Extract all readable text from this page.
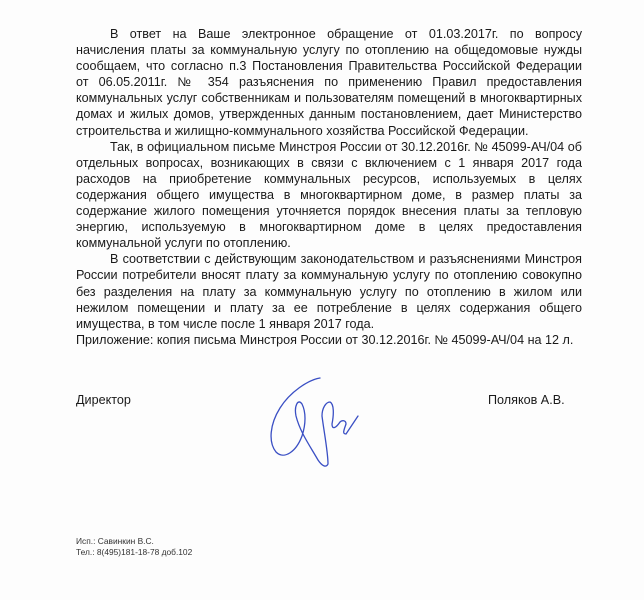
В ответ на Ваше электронное обращение от 01.03.2017г. по вопросу начисления платы за коммунальную услугу по отоплению на общедомовые нужды сообщаем, что согласно п.3 Постановления Правительства Российской Федерации от 06.05.2011г. № 354 разъяснения по применению Правил предоставления коммунальных услуг собственникам и пользователям помещений в многоквартирных домах и жилых домов, утвержденных данным постановлением, дает Министерство строительства и жилищно-коммунального хозяйства Российской Федерации.

Так, в официальном письме Минстроя России от 30.12.2016г. № 45099-АЧ/04 об отдельных вопросах, возникающих в связи с включением с 1 января 2017 года расходов на приобретение коммунальных ресурсов, используемых в целях содержания общего имущества в многоквартирном доме, в размер платы за содержание жилого помещения уточняется порядок внесения платы за тепловую энергию, используемую в многоквартирном доме в целях предоставления коммунальной услуги по отоплению.

В соответствии с действующим законодательством и разъяснениями Минстроя России потребители вносят плату за коммунальную услугу по отоплению совокупно без разделения на плату за коммунальную услугу по отоплению в жилом или нежилом помещении и плату за ее потребление в целях содержания общего имущества, в том числе после 1 января 2017 года.

Приложение: копия письма Минстроя России от 30.12.2016г. № 45099-АЧ/04 на 12 л.
Директор	Поляков А.В.
Исп.: Савинкин В.С.
Тел.: 8(495)181-18-78 доб.102
